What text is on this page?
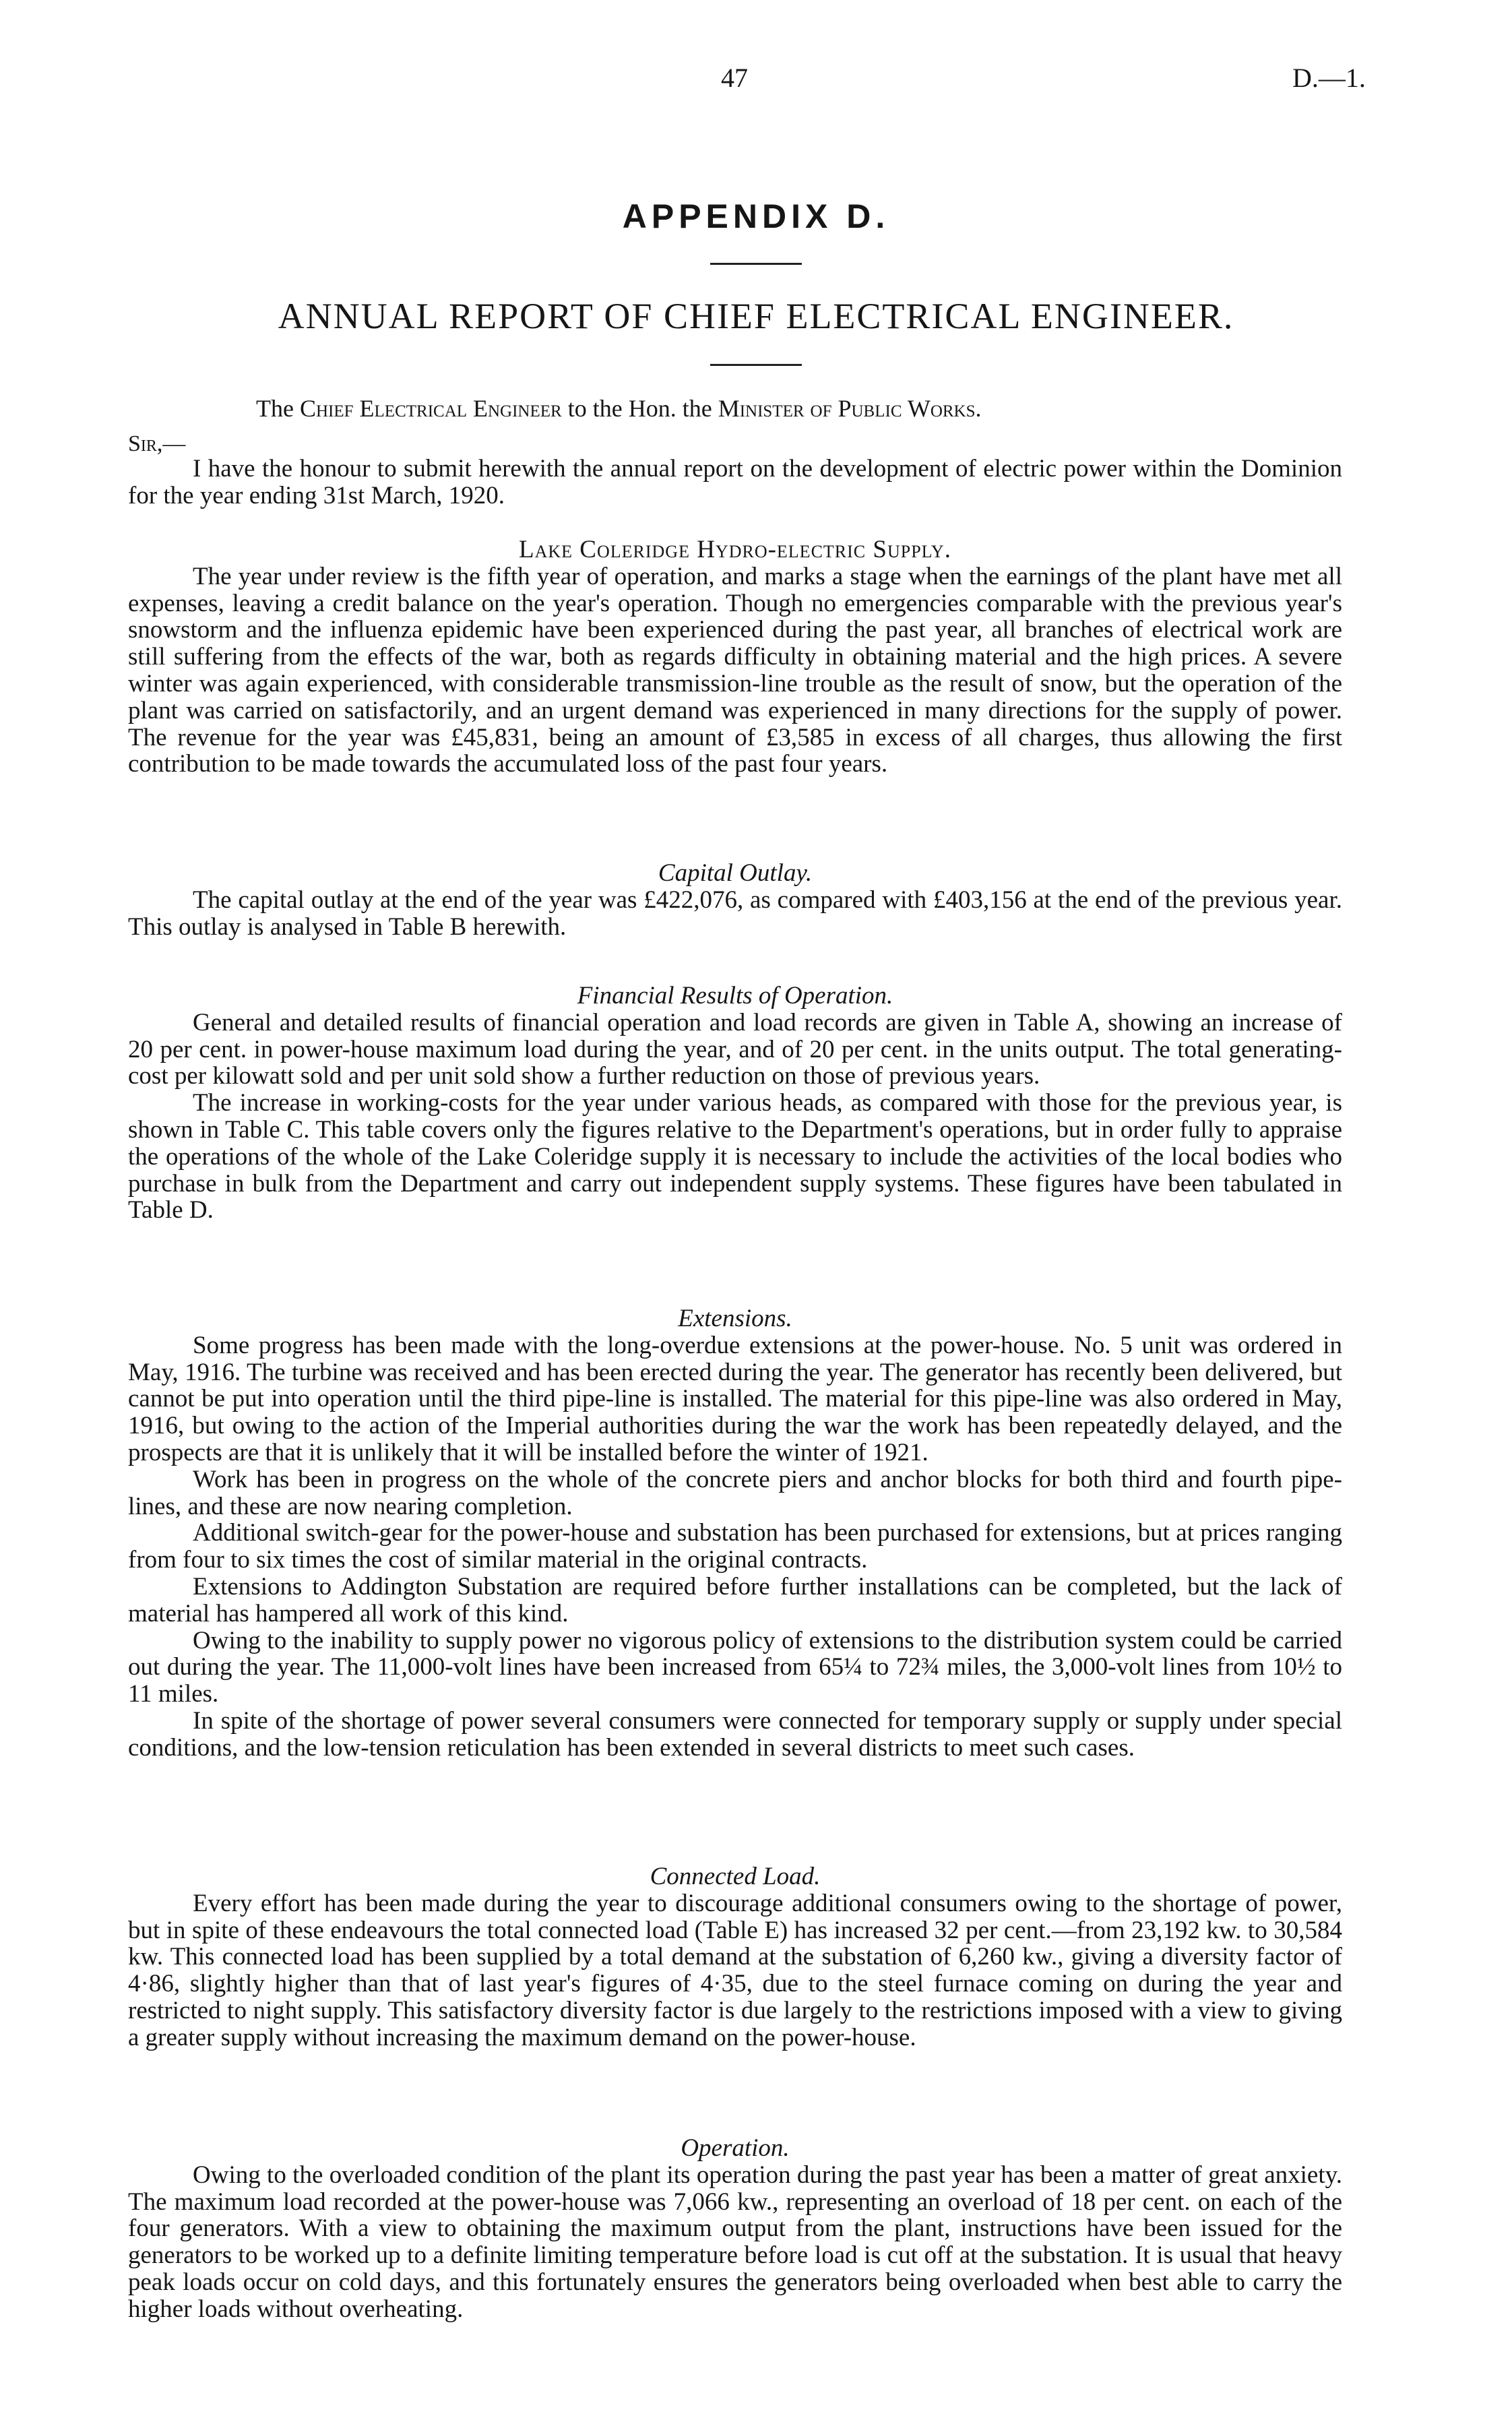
47	D.—1.
APPENDIX D.
ANNUAL REPORT OF CHIEF ELECTRICAL ENGINEER.
The Chief Electrical Engineer to the Hon. the Minister of Public Works.
Sir,—

I have the honour to submit herewith the annual report on the development of electric power within the Dominion for the year ending 31st March, 1920.

Lake Coleridge Hydro-electric Supply.

The year under review is the fifth year of operation, and marks a stage when the earnings of the plant have met all expenses, leaving a credit balance on the year's operation. Though no emergencies comparable with the previous year's snowstorm and the influenza epidemic have been experienced during the past year, all branches of electrical work are still suffering from the effects of the war, both as regards difficulty in obtaining material and the high prices. A severe winter was again experienced, with considerable transmission-line trouble as the result of snow, but the operation of the plant was carried on satisfactorily, and an urgent demand was experienced in many directions for the supply of power. The revenue for the year was £45,831, being an amount of £3,585 in excess of all charges, thus allowing the first contribution to be made towards the accumulated loss of the past four years.

Capital Outlay.

The capital outlay at the end of the year was £422,076, as compared with £403,156 at the end of the previous year. This outlay is analysed in Table B herewith.

Financial Results of Operation.

General and detailed results of financial operation and load records are given in Table A, showing an increase of 20 per cent. in power-house maximum load during the year, and of 20 per cent. in the units output. The total generating-cost per kilowatt sold and per unit sold show a further reduction on those of previous years.

The increase in working-costs for the year under various heads, as compared with those for the previous year, is shown in Table C. This table covers only the figures relative to the Department's operations, but in order fully to appraise the operations of the whole of the Lake Coleridge supply it is necessary to include the activities of the local bodies who purchase in bulk from the Department and carry out independent supply systems. These figures have been tabulated in Table D.

Extensions.

Some progress has been made with the long-overdue extensions at the power-house. No. 5 unit was ordered in May, 1916. The turbine was received and has been erected during the year. The generator has recently been delivered, but cannot be put into operation until the third pipe-line is installed. The material for this pipe-line was also ordered in May, 1916, but owing to the action of the Imperial authorities during the war the work has been repeatedly delayed, and the prospects are that it is unlikely that it will be installed before the winter of 1921.

Work has been in progress on the whole of the concrete piers and anchor blocks for both third and fourth pipe-lines, and these are now nearing completion.

Additional switch-gear for the power-house and substation has been purchased for extensions, but at prices ranging from four to six times the cost of similar material in the original contracts.

Extensions to Addington Substation are required before further installations can be completed, but the lack of material has hampered all work of this kind.

Owing to the inability to supply power no vigorous policy of extensions to the distribution system could be carried out during the year. The 11,000-volt lines have been increased from 65¼ to 72¾ miles, the 3,000-volt lines from 10½ to 11 miles.

In spite of the shortage of power several consumers were connected for temporary supply or supply under special conditions, and the low-tension reticulation has been extended in several districts to meet such cases.

Connected Load.

Every effort has been made during the year to discourage additional consumers owing to the shortage of power, but in spite of these endeavours the total connected load (Table E) has increased 32 per cent.—from 23,192 kw. to 30,584 kw. This connected load has been supplied by a total demand at the substation of 6,260 kw., giving a diversity factor of 4·86, slightly higher than that of last year's figures of 4·35, due to the steel furnace coming on during the year and restricted to night supply. This satisfactory diversity factor is due largely to the restrictions imposed with a view to giving a greater supply without increasing the maximum demand on the power-house.

Operation.

Owing to the overloaded condition of the plant its operation during the past year has been a matter of great anxiety. The maximum load recorded at the power-house was 7,066 kw., representing an overload of 18 per cent. on each of the four generators. With a view to obtaining the maximum output from the plant, instructions have been issued for the generators to be worked up to a definite limiting temperature before load is cut off at the substation. It is usual that heavy peak loads occur on cold days, and this fortunately ensures the generators being overloaded when best able to carry the higher loads without overheating.
